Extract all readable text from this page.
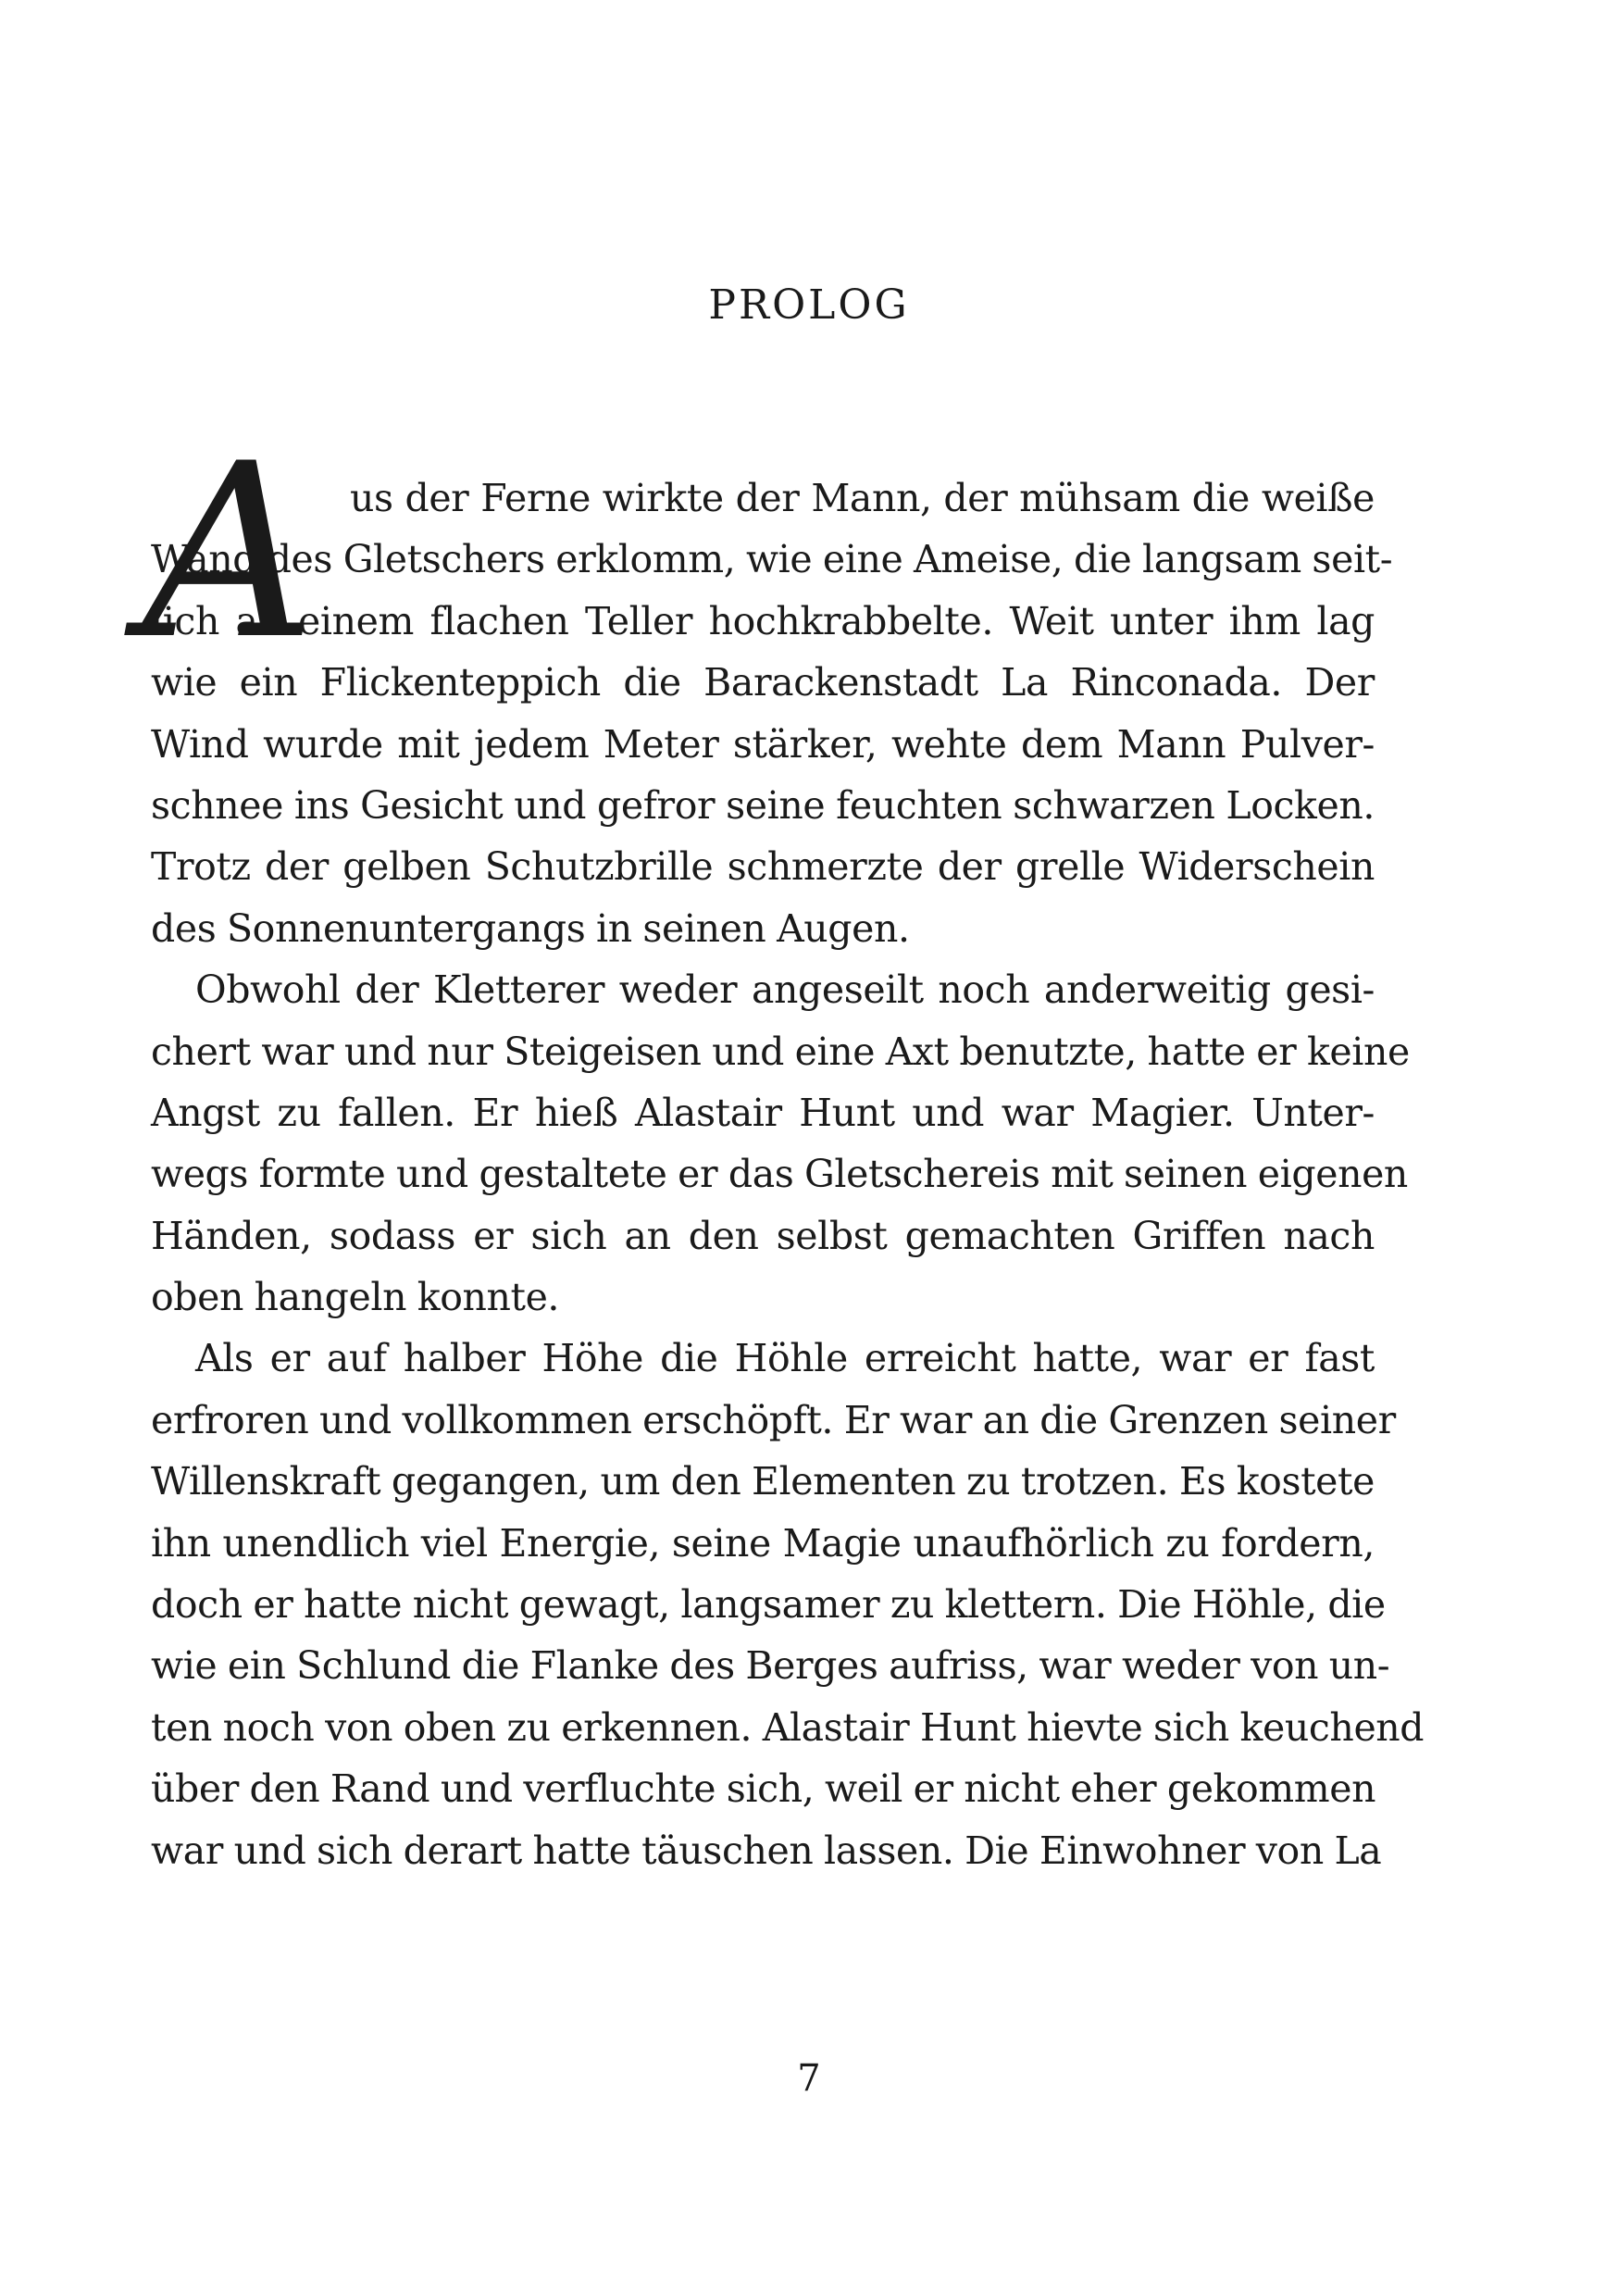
PROLOG
A us der Ferne wirkte der Mann, der mühsam die weiße
Wand des Gletschers erklomm, wie eine Ameise, die langsam seit-
lich an einem flachen Teller hochkrabbelte. Weit unter ihm lag
wie ein Flickenteppich die Barackenstadt La Rinconada. Der
Wind wurde mit jedem Meter stärker, wehte dem Mann Pulver-
schnee ins Gesicht und gefror seine feuchten schwarzen Locken.
Trotz der gelben Schutzbrille schmerzte der grelle Widerschein
des Sonnenuntergangs in seinen Augen.
Obwohl der Kletterer weder angeseilt noch anderweitig gesi-
chert war und nur Steigeisen und eine Axt benutzte, hatte er keine
Angst zu fallen. Er hieß Alastair Hunt und war Magier. Unter-
wegs formte und gestaltete er das Gletschereis mit seinen eigenen
Händen, sodass er sich an den selbst gemachten Griffen nach
oben hangeln konnte.
Als er auf halber Höhe die Höhle erreicht hatte, war er fast
erfroren und vollkommen erschöpft. Er war an die Grenzen seiner
Willenskraft gegangen, um den Elementen zu trotzen. Es kostete
ihn unendlich viel Energie, seine Magie unaufhörlich zu fordern,
doch er hatte nicht gewagt, langsamer zu klettern. Die Höhle, die
wie ein Schlund die Flanke des Berges aufriss, war weder von un-
ten noch von oben zu erkennen. Alastair Hunt hievte sich keuchend
über den Rand und verfluchte sich, weil er nicht eher gekommen
war und sich derart hatte täuschen lassen. Die Einwohner von La
7
